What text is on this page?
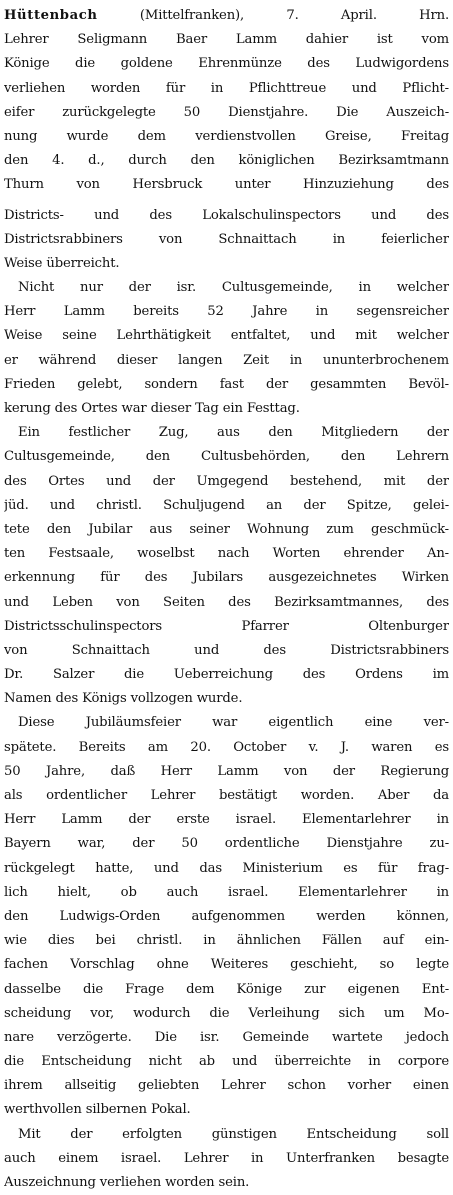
Hüttenbach	(Mittelfranken), 7. April. Hrn.
Lehrer Seligmann Baer Lamm dahier ist vom
Könige die goldene Ehrenmünze des Ludwigordens
verliehen worden für in Pflichttreue und Pflicht-
eifer zurückgelegte 50 Dienstjahre. Die Auszeich-
nung wurde dem verdienstvollen Greise, Freitag
den 4. d., durch den königlichen Bezirksamtmann
Thurn von Hersbruck unter Hinzuziehung des
Districts- und des Lokalschulinspectors und des
Districtsrabbiners von Schnaittach in feierlicher
Weise überreicht.
Nicht nur der isr. Cultusgemeinde, in welcher
Herr Lamm bereits 52 Jahre in segensreicher
Weise seine Lehrthätigkeit entfaltet, und mit welcher
er während dieser langen Zeit in ununterbrochenem
Frieden gelebt, sondern fast der gesammten Bevöl-
kerung des Ortes war dieser Tag ein Festtag.
Ein festlicher Zug, aus den Mitgliedern der
Cultusgemeinde, den Cultusbehörden, den Lehrern
des Ortes und der Umgegend bestehend, mit der
jüd. und christl. Schuljugend an der Spitze, gelei-
tete den Jubilar aus seiner Wohnung zum geschmück-
ten Festsaale, woselbst nach Worten ehrender An-
erkennung für des Jubilars ausgezeichnetes Wirken
und Leben von Seiten des Bezirksamtmannes, des
Districtsschulinspectors Pfarrer Oltenburger
von Schnaittach und des Districtsrabbiners
Dr. Salzer die Ueberreichung des Ordens im
Namen des Königs vollzogen wurde.
Diese Jubiläumsfeier war eigentlich eine ver-
spätete. Bereits am 20. October v. J. waren es
50 Jahre, daß Herr Lamm von der Regierung
als ordentlicher Lehrer bestätigt worden. Aber da
Herr Lamm der erste israel. Elementarlehrer in
Bayern war, der 50 ordentliche Dienstjahre zu-
rückgelegt hatte, und das Ministerium es für frag-
lich hielt, ob auch israel. Elementarlehrer in
den Ludwigs-Orden aufgenommen werden können,
wie dies bei christl. in ähnlichen Fällen auf ein-
fachen Vorschlag ohne Weiteres geschieht, so legte
dasselbe die Frage dem Könige zur eigenen Ent-
scheidung vor, wodurch die Verleihung sich um Mo-
nare verzögerte. Die isr. Gemeinde wartete jedoch
die Entscheidung nicht ab und überreichte in corpore
ihrem allseitig geliebten Lehrer schon vorher einen
werthvollen silbernen Pokal.
Mit der erfolgten günstigen Entscheidung soll
auch einem israel. Lehrer in Unterfranken besagte
Auszeichnung verliehen worden sein.
